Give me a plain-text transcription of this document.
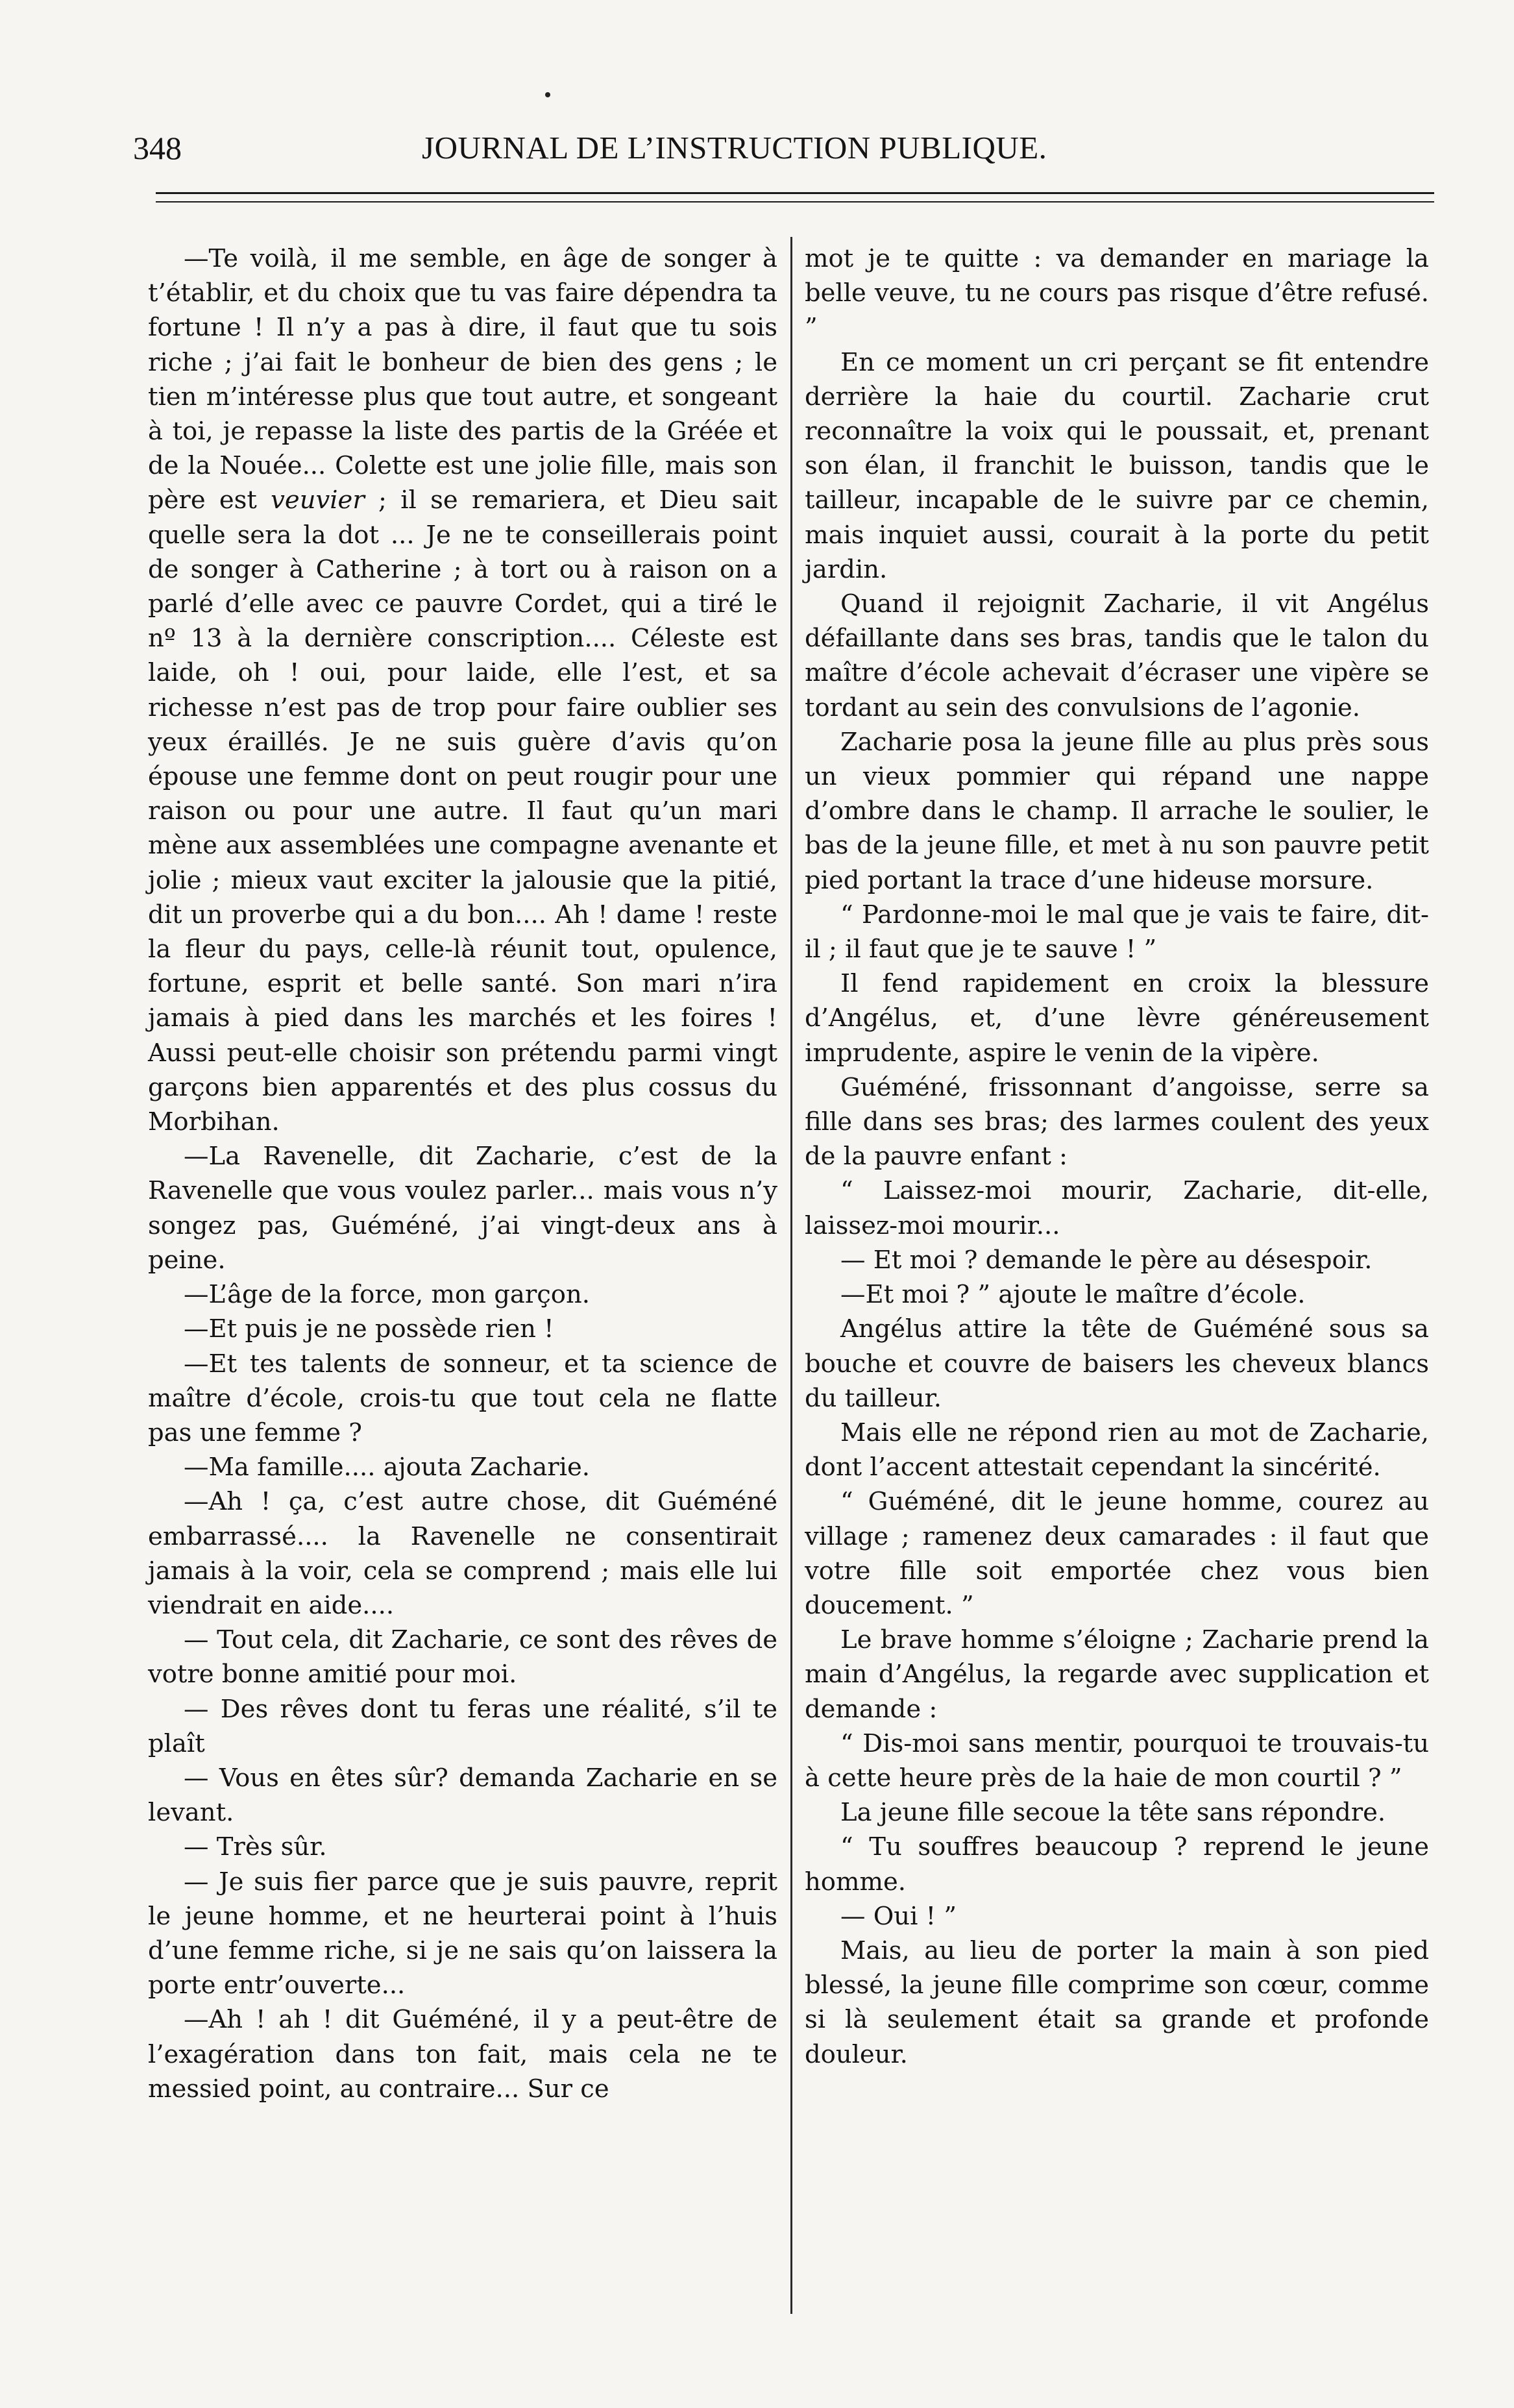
348	JOURNAL DE L’INSTRUCTION PUBLIQUE.

—Te voilà, il me semble, en âge de songer à t’établir, et du choix que tu vas faire dépendra ta fortune ! Il n’y a pas à dire, il faut que tu sois riche ; j’ai fait le bonheur de bien des gens ; le tien m’intéresse plus que tout autre, et songeant à toi, je repasse la liste des partis de la Gréée et de la Nouée... Colette est une jolie fille, mais son père est veuvier ; il se remariera, et Dieu sait quelle sera la dot ... Je ne te conseillerais point de songer à Catherine ; à tort ou à raison on a parlé d’elle avec ce pauvre Cordet, qui a tiré le nº 13 à la dernière conscription.... Céleste est laide, oh ! oui, pour laide, elle l’est, et sa richesse n’est pas de trop pour faire oublier ses yeux éraillés. Je ne suis guère d’avis qu’on épouse une femme dont on peut rougir pour une raison ou pour une autre. Il faut qu’un mari mène aux assemblées une compagne avenante et jolie ; mieux vaut exciter la jalousie que la pitié, dit un proverbe qui a du bon.... Ah ! dame ! reste la fleur du pays, celle-là réunit tout, opulence, fortune, esprit et belle santé. Son mari n’ira jamais à pied dans les marchés et les foires ! Aussi peut-elle choisir son prétendu parmi vingt garçons bien apparentés et des plus cossus du Morbihan.

—La Ravenelle, dit Zacharie, c’est de la Ravenelle que vous voulez parler... mais vous n’y songez pas, Guéméné, j’ai vingt-deux ans à peine.

—L’âge de la force, mon garçon.

—Et puis je ne possède rien !

—Et tes talents de sonneur, et ta science de maître d’école, crois-tu que tout cela ne flatte pas une femme ?

—Ma famille.... ajouta Zacharie.

—Ah ! ça, c’est autre chose, dit Guéméné embarrassé.... la Ravenelle ne consentirait jamais à la voir, cela se comprend ; mais elle lui viendrait en aide....

— Tout cela, dit Zacharie, ce sont des rêves de votre bonne amitié pour moi.

— Des rêves dont tu feras une réalité, s’il te plaît

— Vous en êtes sûr? demanda Zacharie en se levant.

— Très sûr.

— Je suis fier parce que je suis pauvre, reprit le jeune homme, et ne heurterai point à l’huis d’une femme riche, si je ne sais qu’on laissera la porte entr’ouverte...

—Ah ! ah ! dit Guéméné, il y a peut-être de l’exagération dans ton fait, mais cela ne te messied point, au contraire... Sur ce

mot je te quitte : va demander en mariage la belle veuve, tu ne cours pas risque d’être refusé. ”

En ce moment un cri perçant se fit entendre derrière la haie du courtil. Zacharie crut reconnaître la voix qui le poussait, et, prenant son élan, il franchit le buisson, tandis que le tailleur, incapable de le suivre par ce chemin, mais inquiet aussi, courait à la porte du petit jardin.

Quand il rejoignit Zacharie, il vit Angélus défaillante dans ses bras, tandis que le talon du maître d’école achevait d’écraser une vipère se tordant au sein des convulsions de l’agonie.

Zacharie posa la jeune fille au plus près sous un vieux pommier qui répand une nappe d’ombre dans le champ. Il arrache le soulier, le bas de la jeune fille, et met à nu son pauvre petit pied portant la trace d’une hideuse morsure.

“ Pardonne-moi le mal que je vais te faire, dit-il ; il faut que je te sauve ! ”

Il fend rapidement en croix la blessure d’Angélus, et, d’une lèvre généreusement imprudente, aspire le venin de la vipère.

Guéméné, frissonnant d’angoisse, serre sa fille dans ses bras; des larmes coulent des yeux de la pauvre enfant :

“ Laissez-moi mourir, Zacharie, dit-elle, laissez-moi mourir...

— Et moi ? demande le père au désespoir.

—Et moi ? ” ajoute le maître d’école.

Angélus attire la tête de Guéméné sous sa bouche et couvre de baisers les cheveux blancs du tailleur.

Mais elle ne répond rien au mot de Zacharie, dont l’accent attestait cependant la sincérité.

“ Guéméné, dit le jeune homme, courez au village ; ramenez deux camarades : il faut que votre fille soit emportée chez vous bien doucement. ”

Le brave homme s’éloigne ; Zacharie prend la main d’Angélus, la regarde avec supplication et demande :

“ Dis-moi sans mentir, pourquoi te trouvais-tu à cette heure près de la haie de mon courtil ? ”

La jeune fille secoue la tête sans répondre.

“ Tu souffres beaucoup ? reprend le jeune homme.

— Oui ! ”

Mais, au lieu de porter la main à son pied blessé, la jeune fille comprime son cœur, comme si là seulement était sa grande et profonde douleur.
